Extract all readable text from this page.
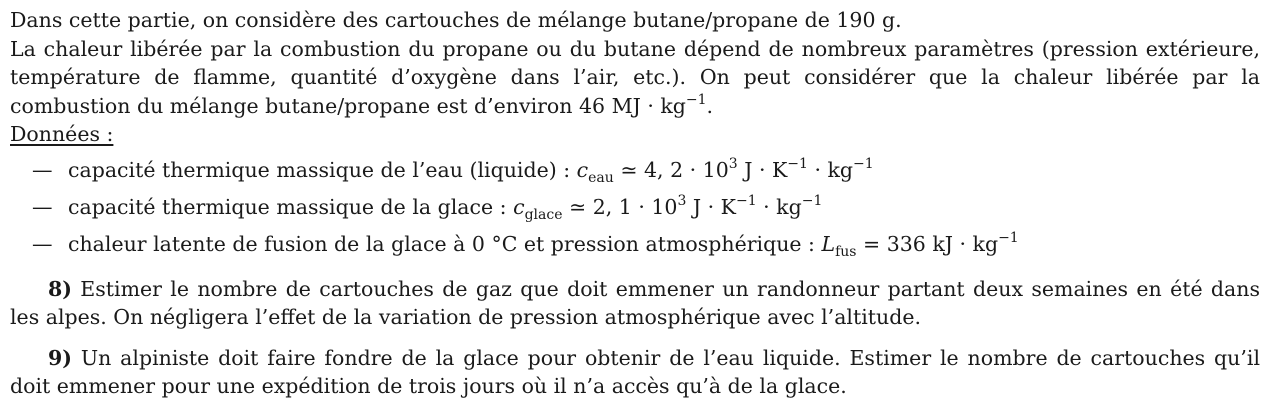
Dans cette partie, on considère des cartouches de mélange butane/propane de 190 g.

La chaleur libérée par la combustion du propane ou du butane dépend de nombreux paramètres (pression extérieure, température de flamme, quantité d’oxygène dans l’air, etc.). On peut considérer que la chaleur libérée par la combustion du mélange butane/propane est d’environ 46 MJ · $kg^{-1}$.

Données :

— capacité thermique massique de l’eau (liquide) : $c_{eau}$ ≃ 4, $2 \cdot 10^3$ $J \cdot K^{-1} \cdot kg^{-1}$
— capacité thermique massique de la glace : $c_{glace}$ ≃ 2, $1 \cdot 10^3$ $J \cdot K^{-1} \cdot kg^{-1}$
— chaleur latente de fusion de la glace à 0 °C et pression atmosphérique : $L_{fus} = 336$ kJ · $kg^{-1}$

8) Estimer le nombre de cartouches de gaz que doit emmener un randonneur partant deux semaines en été dans les alpes. On négligera l’effet de la variation de pression atmosphérique avec l’altitude.

9) Un alpiniste doit faire fondre de la glace pour obtenir de l’eau liquide. Estimer le nombre de cartouches qu’il doit emmener pour une expédition de trois jours où il n’a accès qu’à de la glace.
